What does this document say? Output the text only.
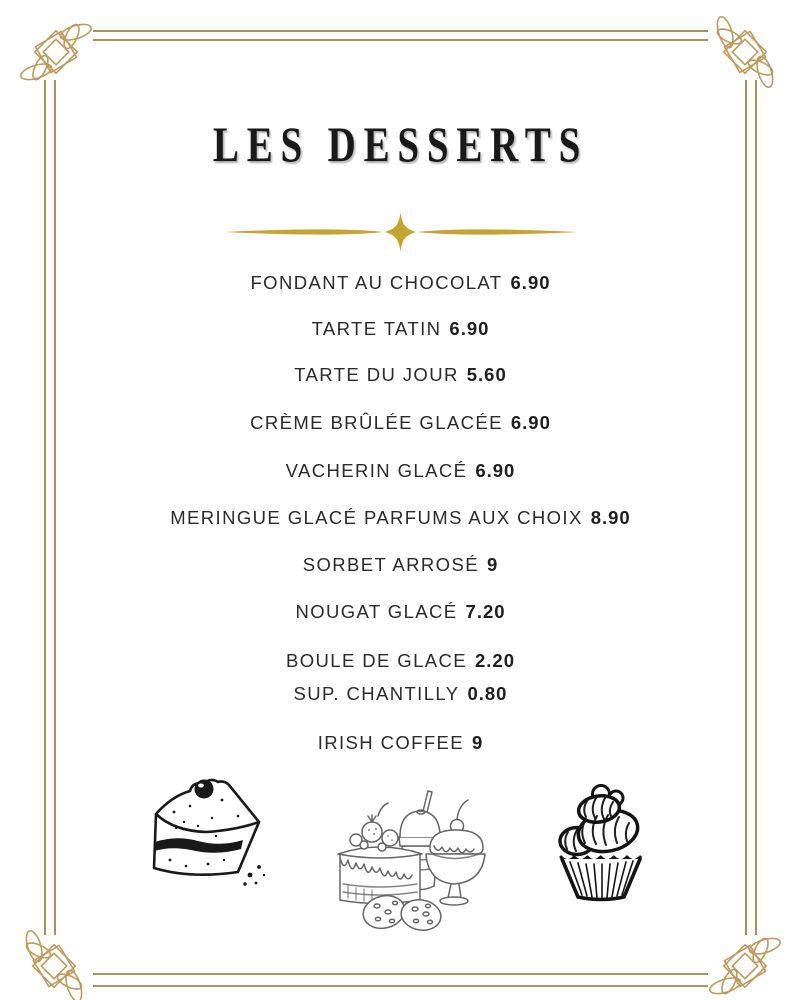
LES DESSERTS
FONDANT AU CHOCOLAT 6.90
TARTE TATIN 6.90
TARTE DU JOUR 5.60
CRÈME BRÛLÉE GLACÉE 6.90
VACHERIN GLACÉ 6.90
MERINGUE GLACÉ PARFUMS AUX CHOIX 8.90
SORBET ARROSÉ 9
NOUGAT GLACÉ 7.20
BOULE DE GLACE 2.20
SUP. CHANTILLY 0.80
IRISH COFFEE 9
